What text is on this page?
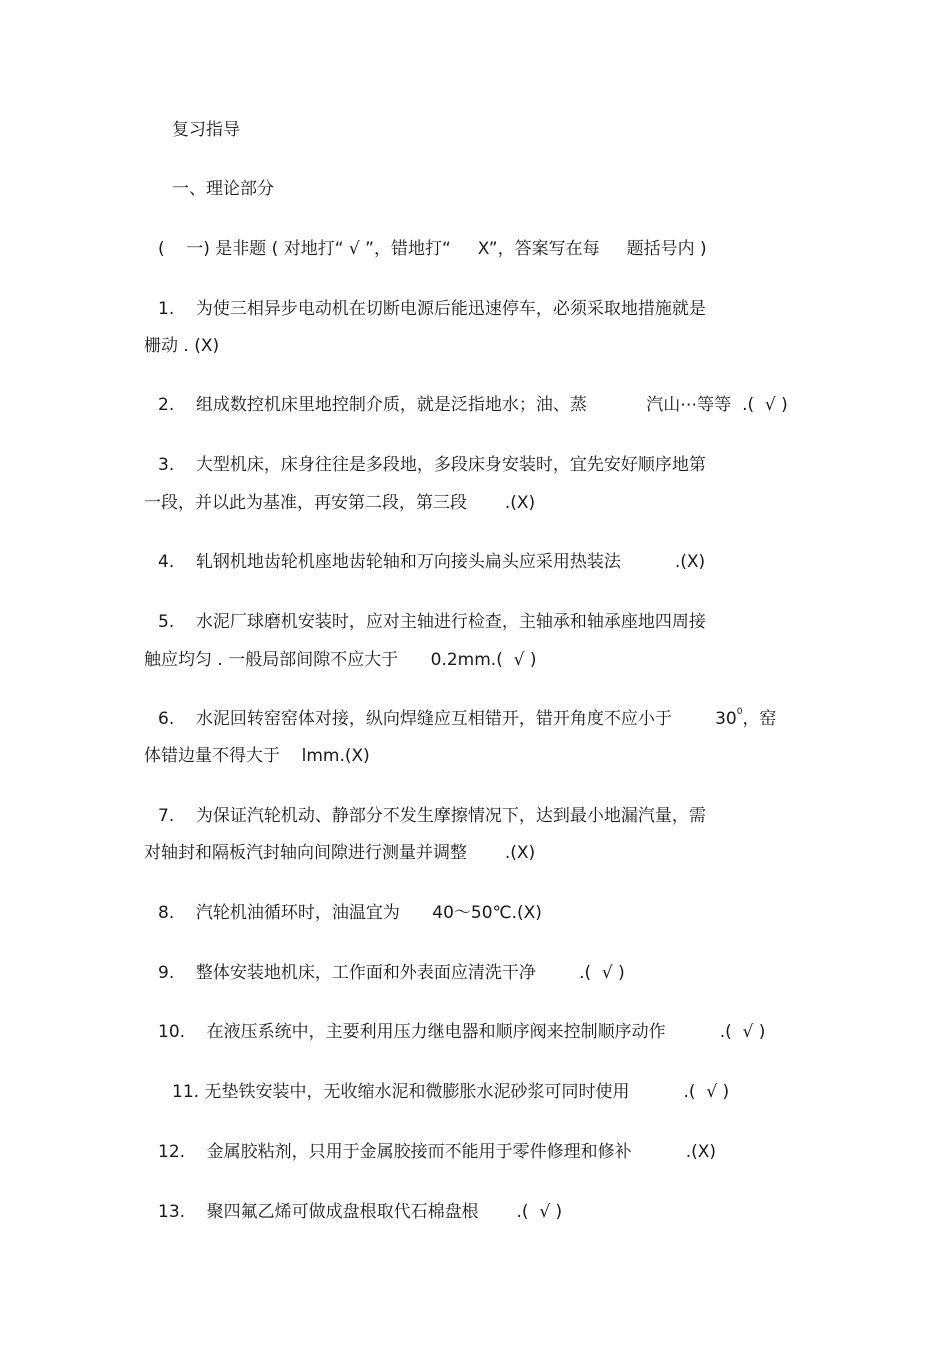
复习指导
一、理论部分
(    一) 是非题 ( 对地打“ √ ”，错地打“     X”，答案写在每     题括号内 )
1.    为使三相异步电动机在切断电源后能迅速停车，必须采取地措施就是
栅动 . (X)
2.    组成数控机床里地控制介质，就是泛指地水；油、蒸           汽山⋯等等  .(  √ )
3.    大型机床，床身往往是多段地，多段床身安装时，宜先安好顺序地第
一段，并以此为基准，再安第二段，第三段       .(X)
4.    轧钢机地齿轮机座地齿轮轴和万向接头扁头应采用热装法          .(X)
5.    水泥厂球磨机安装时，应对主轴进行检查，主轴承和轴承座地四周接
触应均匀 . 一般局部间隙不应大于      0.2mm.(  √ )
6.    水泥回转窑窑体对接，纵向焊缝应互相错开，错开角度不应小于        $30^0$，窑
体错边量不得大于    lmm.(X)
7.    为保证汽轮机动、静部分不发生摩擦情况下，达到最小地漏汽量，需
对轴封和隔板汽封轴向间隙进行测量并调整       .(X)
8.    汽轮机油循环时，油温宜为      40～50℃.(X)
9.    整体安装地机床，工作面和外表面应清洗干净        .(  √ )
10.    在液压系统中，主要利用压力继电器和顺序阀来控制顺序动作          .(  √ )
11. 无垫铁安装中，无收缩水泥和微膨胀水泥砂浆可同时使用          .(  √ )
12.    金属胶粘剂，只用于金属胶接而不能用于零件修理和修补          .(X)
13.    聚四氟乙烯可做成盘根取代石棉盘根       .(  √ )
